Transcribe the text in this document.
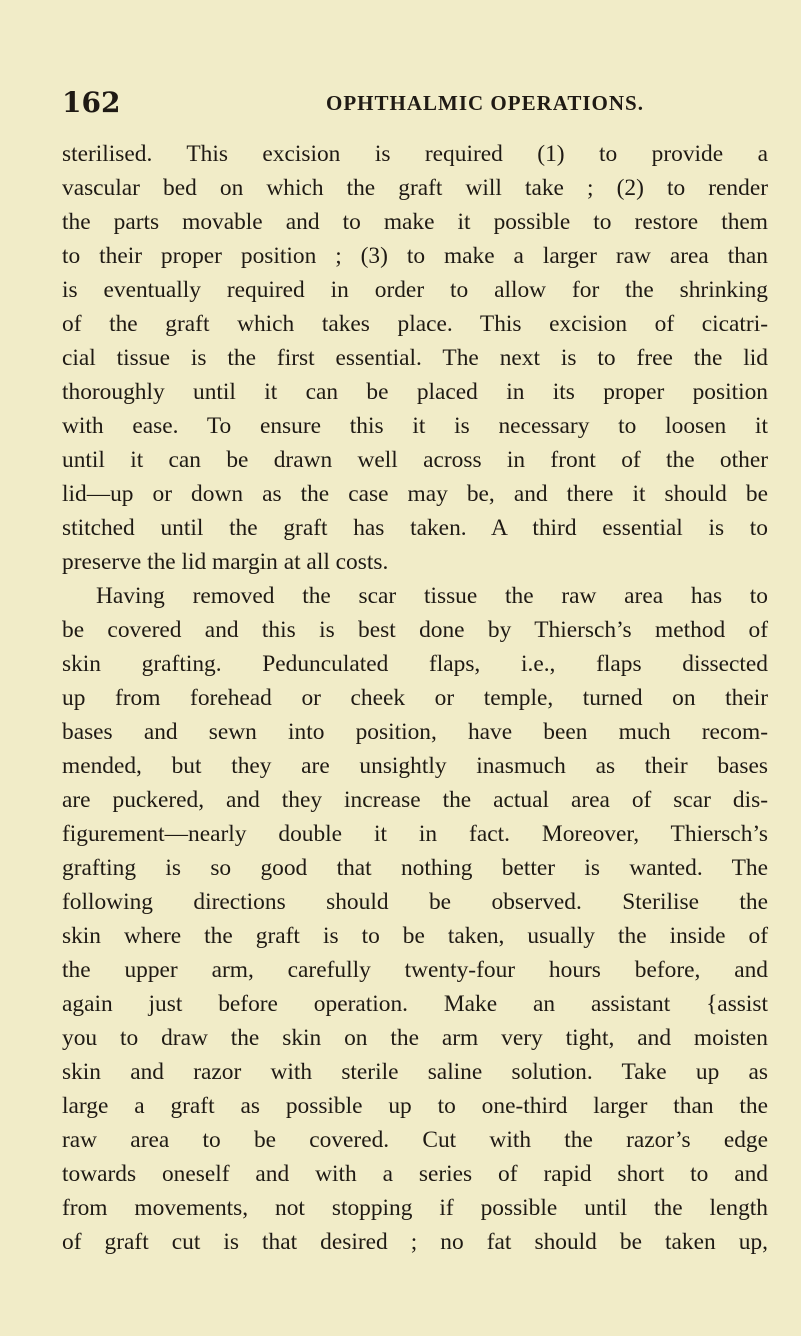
162	OPHTHALMIC OPERATIONS.

sterilised. This excision is required (1) to provide a
vascular bed on which the graft will take ; (2) to render
the parts movable and to make it possible to restore them
to their proper position ; (3) to make a larger raw area than
is eventually required in order to allow for the shrinking
of the graft which takes place. This excision of cicatri-
cial tissue is the first essential. The next is to free the lid
thoroughly until it can be placed in its proper position
with ease. To ensure this it is necessary to loosen it
until it can be drawn well across in front of the other
lid—up or down as the case may be, and there it should be
stitched until the graft has taken. A third essential is to
preserve the lid margin at all costs.

Having removed the scar tissue the raw area has to
be covered and this is best done by Thiersch’s method of
skin grafting. Pedunculated flaps, i.e., flaps dissected
up from forehead or cheek or temple, turned on their
bases and sewn into position, have been much recom-
mended, but they are unsightly inasmuch as their bases
are puckered, and they increase the actual area of scar dis-
figurement—nearly double it in fact. Moreover, Thiersch’s
grafting is so good that nothing better is wanted. The
following directions should be observed. Sterilise the
skin where the graft is to be taken, usually the inside of
the upper arm, carefully twenty-four hours before, and
again just before operation. Make an assistant {assist
you to draw the skin on the arm very tight, and moisten
skin and razor with sterile saline solution. Take up as
large a graft as possible up to one-third larger than the
raw area to be covered. Cut with the razor’s edge
towards oneself and with a series of rapid short to and
from movements, not stopping if possible until the length
of graft cut is that desired ; no fat should be taken up,
